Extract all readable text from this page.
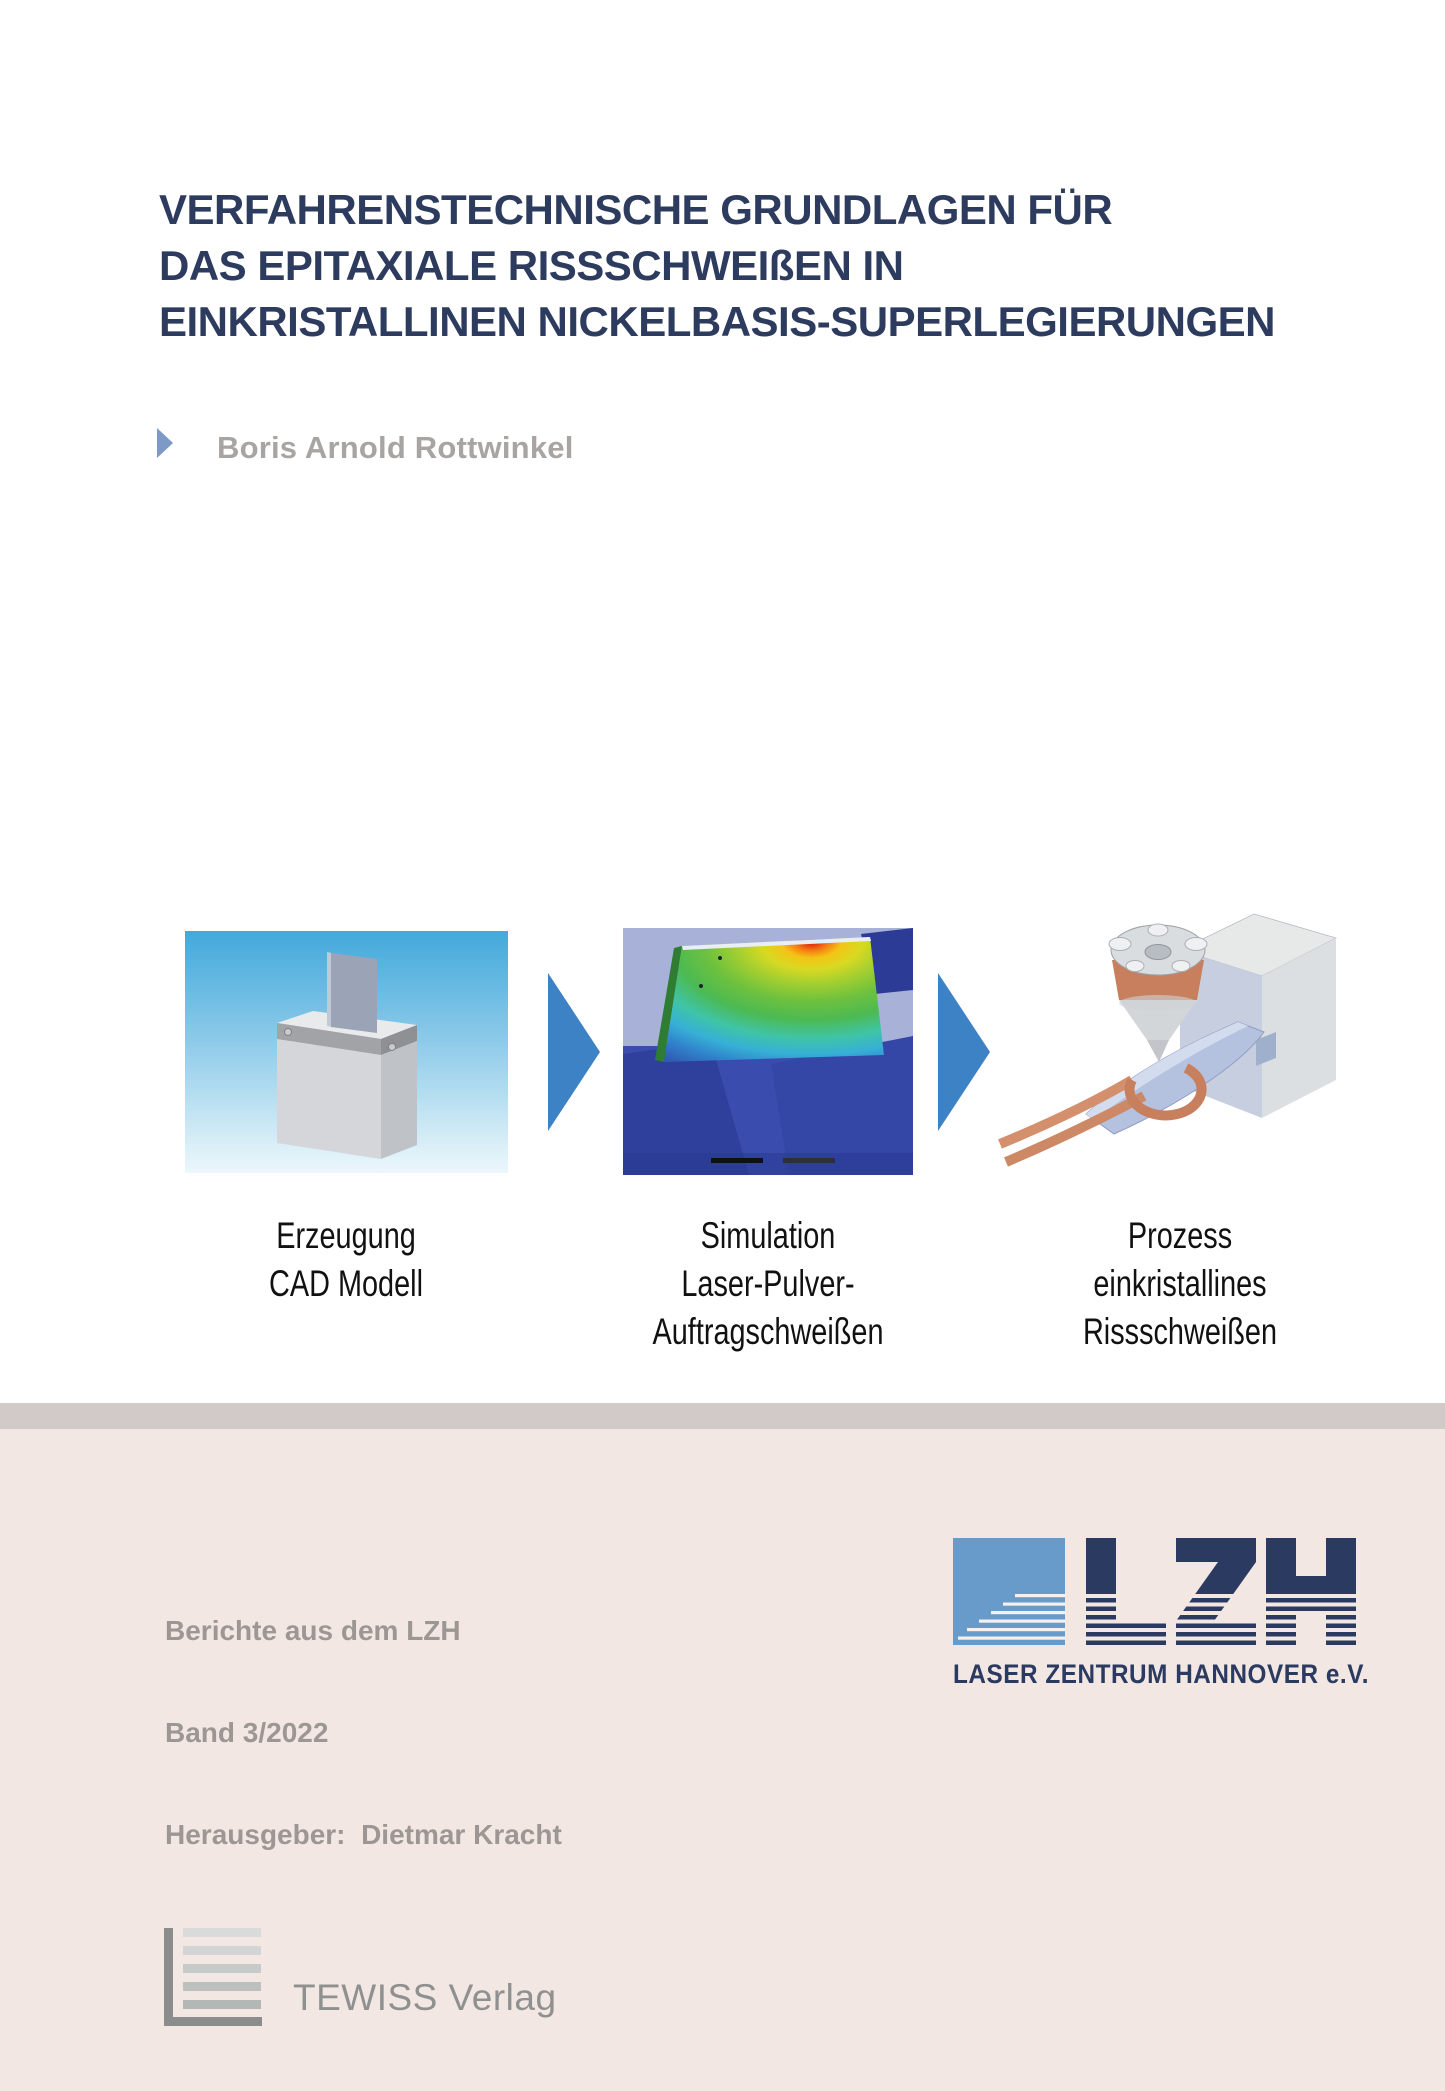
VERFAHRENSTECHNISCHE GRUNDLAGEN FÜR
DAS EPITAXIALE RISSSCHWEIßEN IN
EINKRISTALLINEN NICKELBASIS-SUPERLEGIERUNGEN
Boris Arnold Rottwinkel
Erzeugung
CAD Modell
Simulation
Laser-Pulver-
Auftragschweißen
Prozess
einkristallines
Rissschweißen

Berichte aus dem LZH

Band 3/2022

Herausgeber:  Dietmar Kracht

LASER ZENTRUM HANNOVER e.V.
TEWISS Verlag
